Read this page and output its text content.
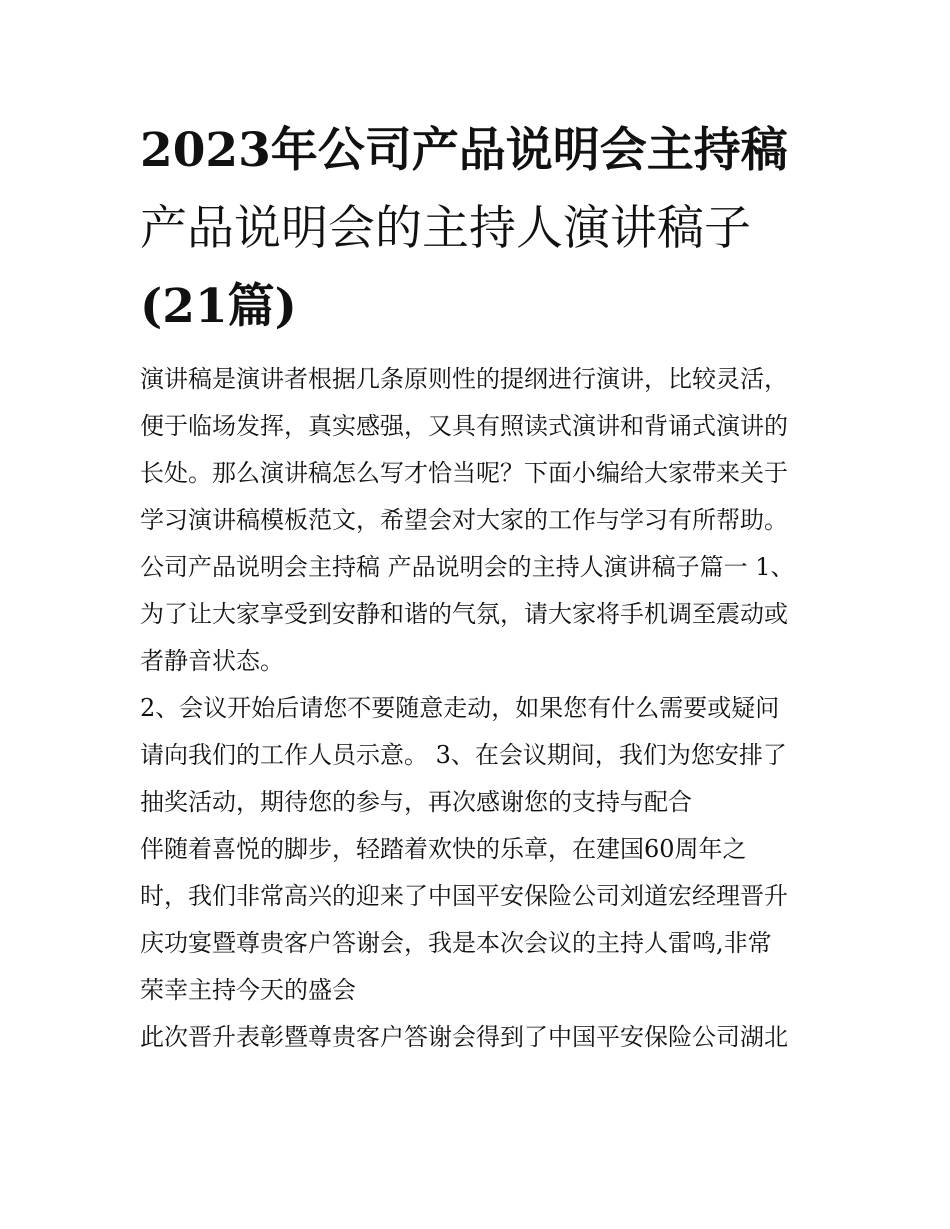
2023年公司产品说明会主持稿
产品说明会的主持人演讲稿子
(21篇)
演讲稿是演讲者根据几条原则性的提纲进行演讲，比较灵活，
便于临场发挥，真实感强，又具有照读式演讲和背诵式演讲的
长处。那么演讲稿怎么写才恰当呢？下面小编给大家带来关于
学习演讲稿模板范文，希望会对大家的工作与学习有所帮助。
公司产品说明会主持稿 产品说明会的主持人演讲稿子篇一 1、
为了让大家享受到安静和谐的气氛，请大家将手机调至震动或
者静音状态。
2、会议开始后请您不要随意走动，如果您有什么需要或疑问
请向我们的工作人员示意。 3、在会议期间，我们为您安排了
抽奖活动，期待您的参与，再次感谢您的支持与配合
伴随着喜悦的脚步，轻踏着欢快的乐章，在建国60周年之
时，我们非常高兴的迎来了中国平安保险公司刘道宏经理晋升
庆功宴暨尊贵客户答谢会，我是本次会议的主持人雷鸣,非常
荣幸主持今天的盛会
此次晋升表彰暨尊贵客户答谢会得到了中国平安保险公司湖北
